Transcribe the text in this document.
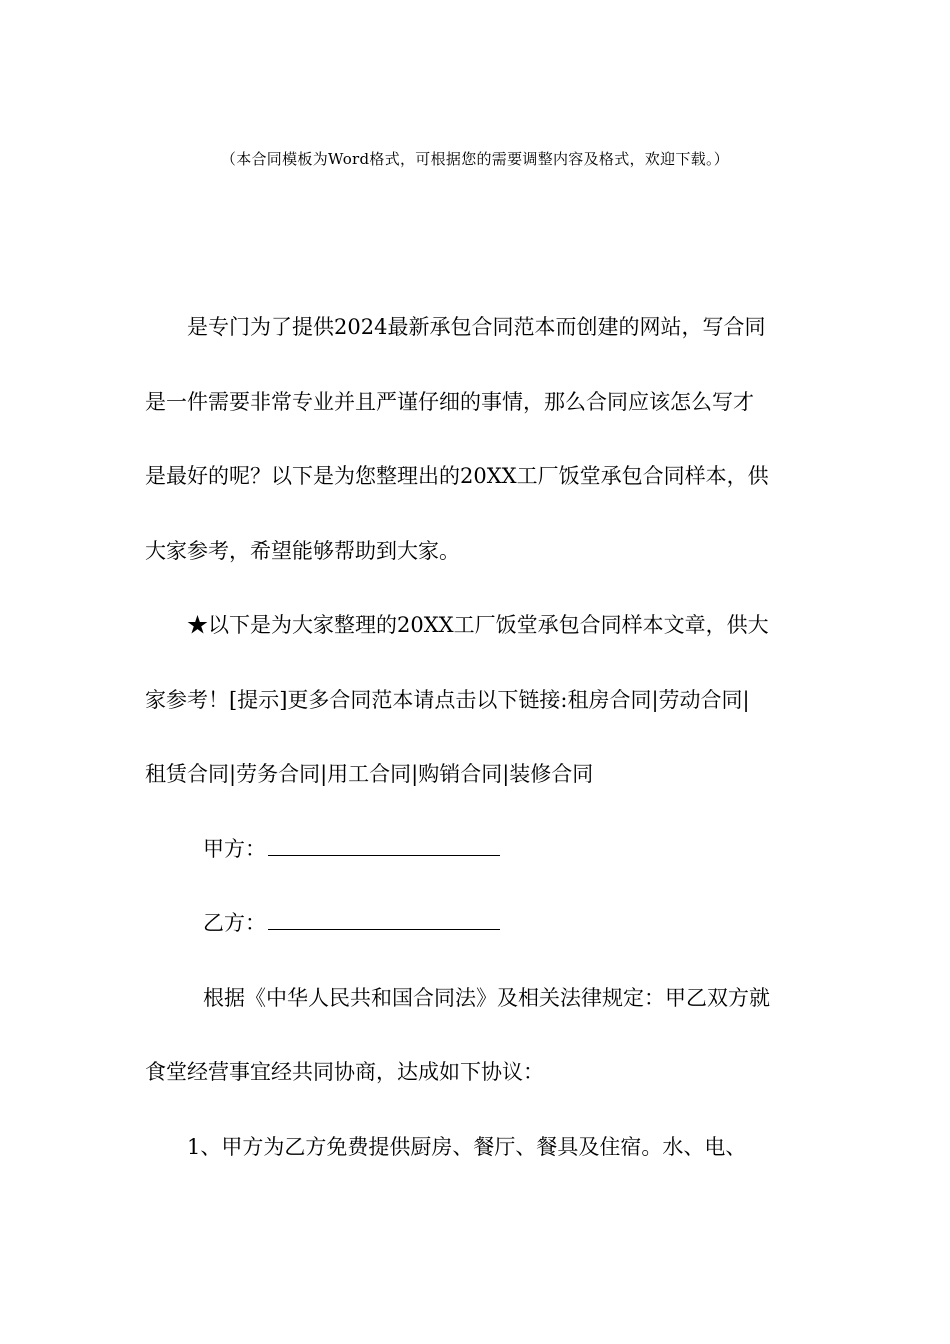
（本合同模板为Word格式，可根据您的需要调整内容及格式，欢迎下载。）
是专门为了提供2024最新承包合同范本而创建的网站，写合同
是一件需要非常专业并且严谨仔细的事情，那么合同应该怎么写才
是最好的呢？以下是为您整理出的20XX工厂饭堂承包合同样本，供
大家参考，希望能够帮助到大家。
★以下是为大家整理的20XX工厂饭堂承包合同样本文章，供大
家参考！[提示]更多合同范本请点击以下链接:租房合同|劳动合同|
租赁合同|劳务合同|用工合同|购销合同|装修合同
甲方：
乙方：
根据《中华人民共和国合同法》及相关法律规定：甲乙双方就
食堂经营事宜经共同协商，达成如下协议：
1、甲方为乙方免费提供厨房、餐厅、餐具及住宿。水、电、
